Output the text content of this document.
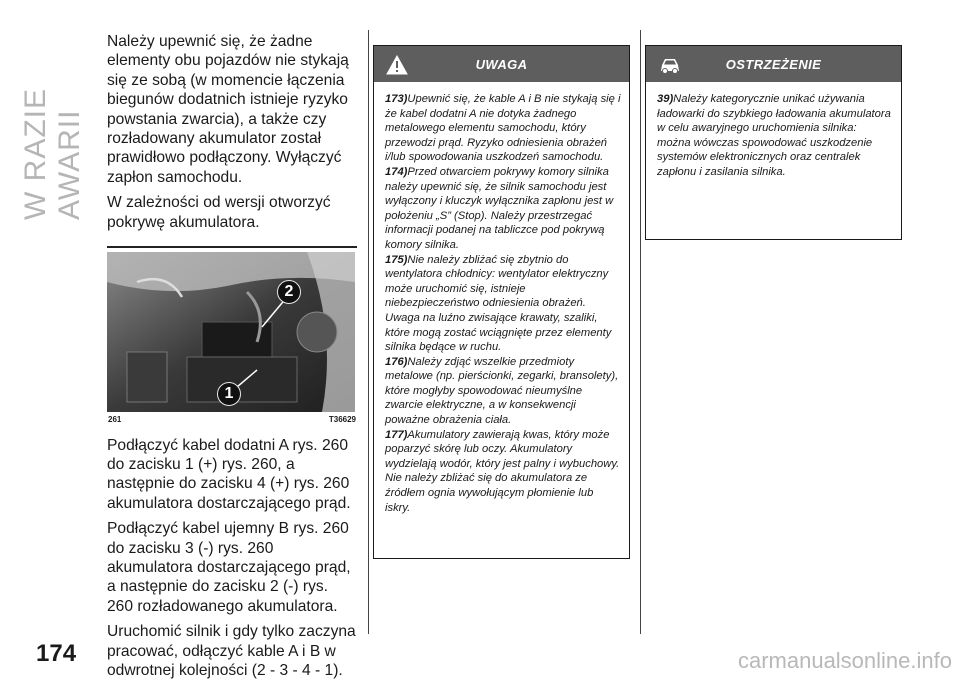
W RAZIE AWARII
174	carmanualsonline.info

Należy upewnić się, że żadne elementy obu pojazdów nie stykają się ze sobą (w momencie łączenia biegunów dodatnich istnieje ryzyko powstania zwarcia), a także czy rozładowany akumulator został prawidłowo podłączony. Wyłączyć zapłon samochodu.

W zależności od wersji otworzyć pokrywę akumulatora.

2
1
261	T36629

Podłączyć kabel dodatni A rys. 260 do zacisku 1 (+) rys. 260, a następnie do zacisku 4 (+) rys. 260 akumulatora dostarczającego prąd.

Podłączyć kabel ujemny B rys. 260 do zacisku 3 (-) rys. 260 akumulatora dostarczającego prąd, a następnie do zacisku 2 (-) rys. 260 rozładowanego akumulatora.

Uruchomić silnik i gdy tylko zaczyna pracować, odłączyć kable A i B w odwrotnej kolejności (2 - 3 - 4 - 1).

UWAGA

173)Upewnić się, że kable A i B nie stykają się i że kabel dodatni A nie dotyka żadnego metalowego elementu samochodu, który przewodzi prąd. Ryzyko odniesienia obrażeń i/lub spowodowania uszkodzeń samochodu.

174)Przed otwarciem pokrywy komory silnika należy upewnić się, że silnik samochodu jest wyłączony i kluczyk wyłącznika zapłonu jest w położeniu „S” (Stop). Należy przestrzegać informacji podanej na tabliczce pod pokrywą komory silnika.

175)Nie należy zbliżać się zbytnio do wentylatora chłodnicy: wentylator elektryczny może uruchomić się, istnieje niebezpieczeństwo odniesienia obrażeń. Uwaga na luźno zwisające krawaty, szaliki, które mogą zostać wciągnięte przez elementy silnika będące w ruchu.

176)Należy zdjąć wszelkie przedmioty metalowe (np. pierścionki, zegarki, bransolety), które mogłyby spowodować nieumyślne zwarcie elektryczne, a w konsekwencji poważne obrażenia ciała.

177)Akumulatory zawierają kwas, który może poparzyć skórę lub oczy. Akumulatory wydzielają wodór, który jest palny i wybuchowy. Nie należy zbliżać się do akumulatora ze źródłem ognia wywołującym płomienie lub iskry.

OSTRZEŻENIE

39)Należy kategorycznie unikać używania ładowarki do szybkiego ładowania akumulatora w celu awaryjnego uruchomienia silnika: można wówczas spowodować uszkodzenie systemów elektronicznych oraz centralek zapłonu i zasilania silnika.
